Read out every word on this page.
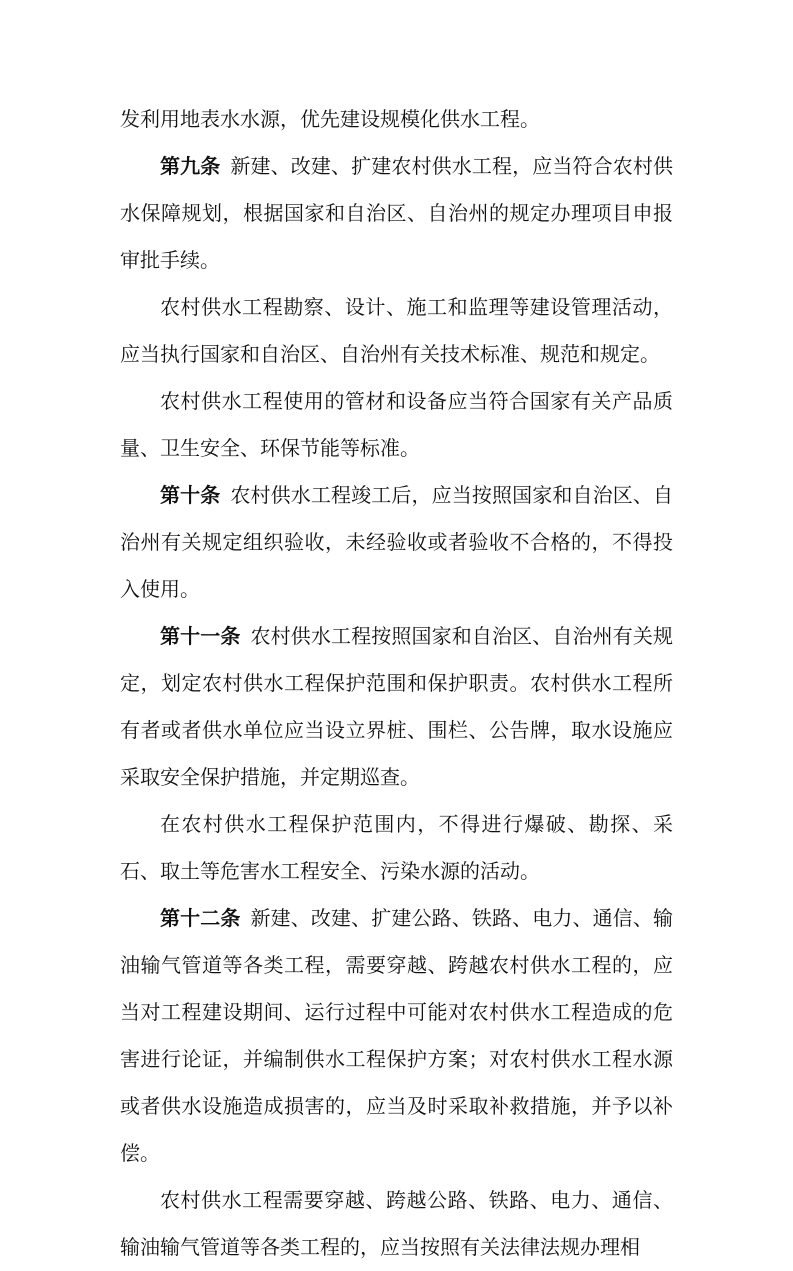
发利用地表水水源，优先建设规模化供水工程。

第九条 新建、改建、扩建农村供水工程，应当符合农村供水保障规划，根据国家和自治区、自治州的规定办理项目申报审批手续。

农村供水工程勘察、设计、施工和监理等建设管理活动，应当执行国家和自治区、自治州有关技术标准、规范和规定。

农村供水工程使用的管材和设备应当符合国家有关产品质量、卫生安全、环保节能等标准。

第十条 农村供水工程竣工后，应当按照国家和自治区、自治州有关规定组织验收，未经验收或者验收不合格的，不得投入使用。

第十一条 农村供水工程按照国家和自治区、自治州有关规定，划定农村供水工程保护范围和保护职责。农村供水工程所有者或者供水单位应当设立界桩、围栏、公告牌，取水设施应采取安全保护措施，并定期巡查。

在农村供水工程保护范围内，不得进行爆破、勘探、采石、取土等危害水工程安全、污染水源的活动。

第十二条 新建、改建、扩建公路、铁路、电力、通信、输油输气管道等各类工程，需要穿越、跨越农村供水工程的，应当对工程建设期间、运行过程中可能对农村供水工程造成的危害进行论证，并编制供水工程保护方案；对农村供水工程水源或者供水设施造成损害的，应当及时采取补救措施，并予以补偿。

农村供水工程需要穿越、跨越公路、铁路、电力、通信、输油输气管道等各类工程的，应当按照有关法律法规办理相
